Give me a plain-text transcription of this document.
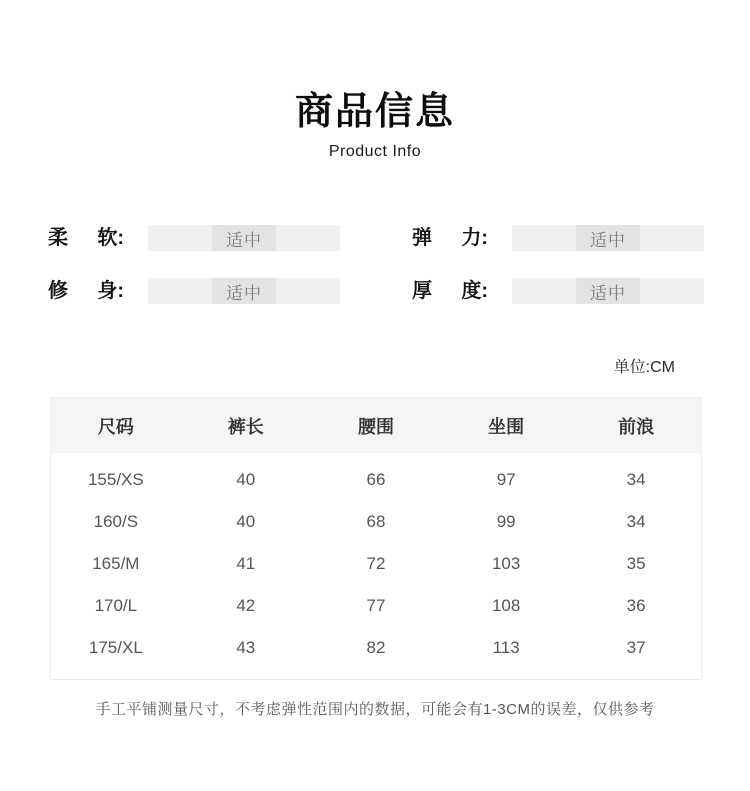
商品信息
Product Info
柔 软:	适中	弹 力:	适中
修 身:	适中	厚 度:	适中
单位:CM
尺码	裤长	腰围	坐围	前浪
155/XS	40	66	97	34
160/S	40	68	99	34
165/M	41	72	103	35
170/L	42	77	108	36
175/XL	43	82	113	37
手工平铺测量尺寸，不考虑弹性范围内的数据，可能会有1-3CM的误差，仅供参考
